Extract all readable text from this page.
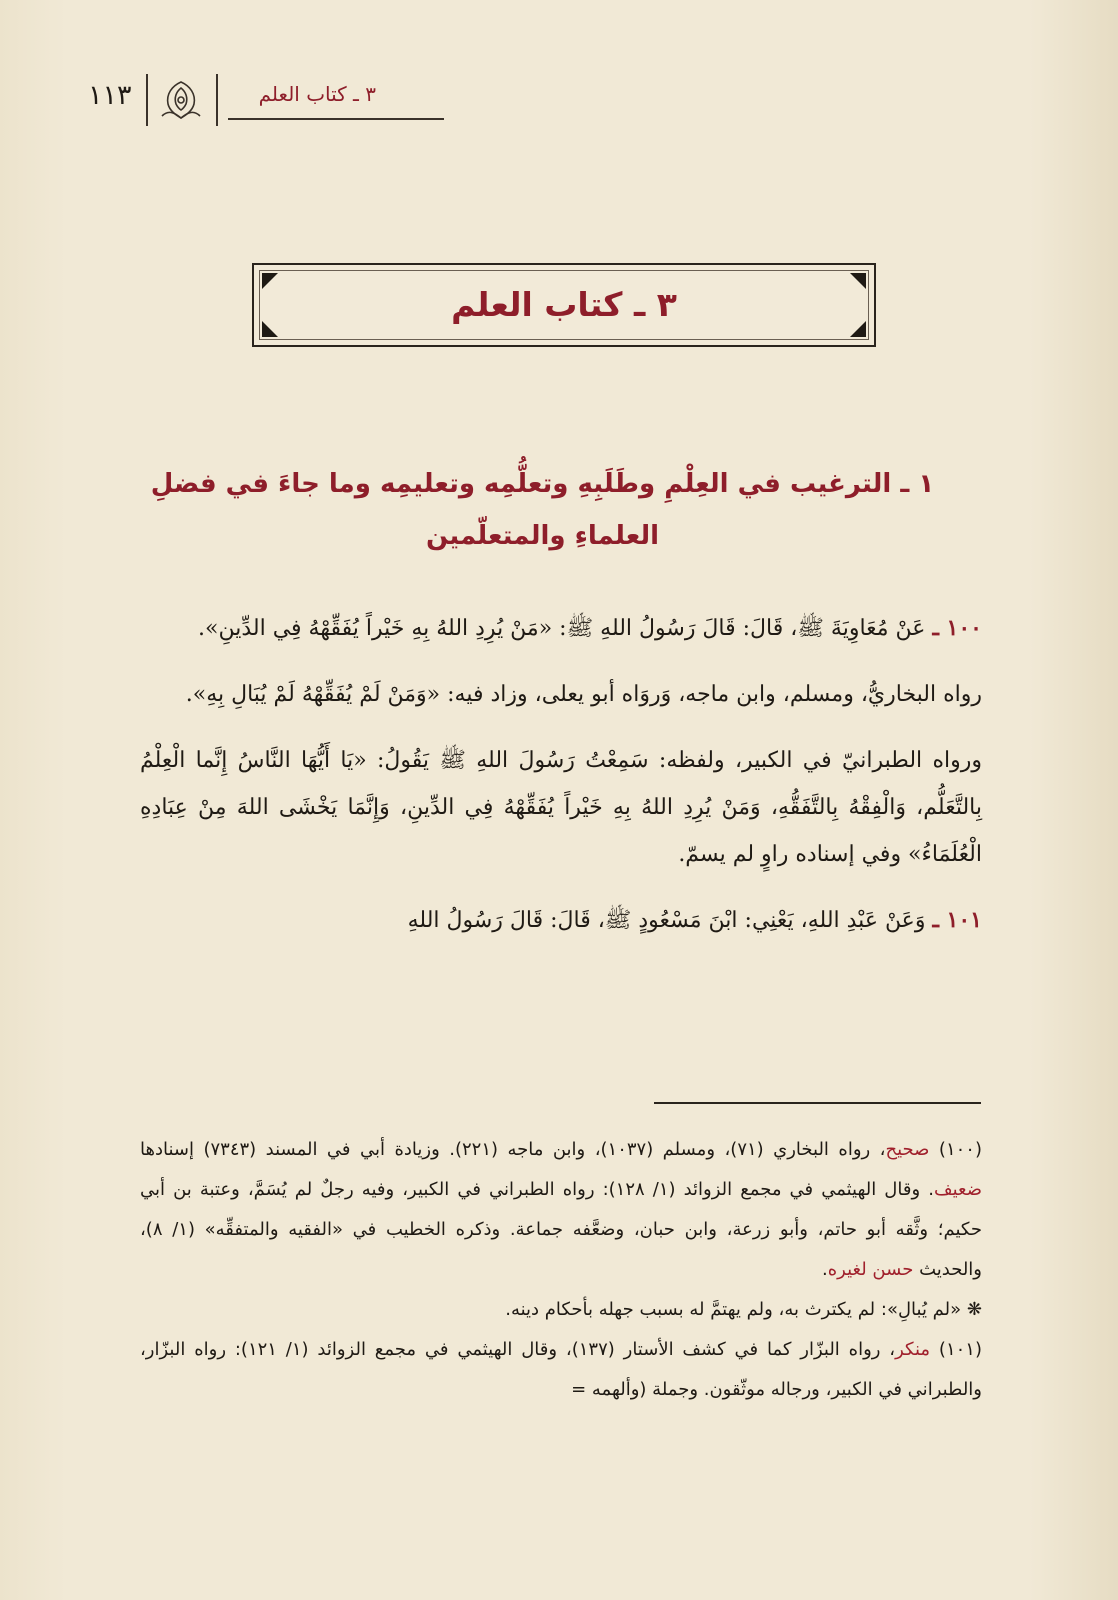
١١٣	٣ ـ كتاب العلم
٣ ـ كتاب العلم
١ ـ الترغيب في العِلْمِ وطَلَبِهِ وتعلُّمِه وتعليمِه وما جاءَ في فضلِ
العلماءِ والمتعلّمين

١٠٠ ـ عَنْ مُعَاوِيَةَ ﷺ، قَالَ: قَالَ رَسُولُ اللهِ ﷺ: «مَنْ يُرِدِ اللهُ بِهِ خَيْراً يُفَقِّهْهُ فِي الدِّينِ».

رواه البخاريُّ، ومسلم، وابن ماجه، وَروَاه أبو يعلى، وزاد فيه: «وَمَنْ لَمْ يُفَقِّهْهُ لَمْ يُبَالِ بِهِ».

ورواه الطبرانيّ في الكبير، ولفظه: سَمِعْتُ رَسُولَ اللهِ ﷺ يَقُولُ: «يَا أَيُّهَا النَّاسُ إِنَّما الْعِلْمُ بِالتَّعَلُّم، وَالْفِقْهُ بِالتَّفَقُّهِ، وَمَنْ يُرِدِ اللهُ بِهِ خَيْراً يُفَقِّهْهُ فِي الدِّينِ، وَإِنَّمَا يَخْشَى اللهَ مِنْ عِبَادِهِ الْعُلَمَاءُ» وفي إسناده راوٍ لم يسمّ.

١٠١ ـ وَعَنْ عَبْدِ اللهِ، يَعْنِي: ابْنَ مَسْعُودٍ ﷺ، قَالَ: قَالَ رَسُولُ اللهِ

(١٠٠) صحيح، رواه البخاري (٧١)، ومسلم (١٠٣٧)، وابن ماجه (٢٢١). وزيادة أبي في المسند (٧٣٤٣) إسنادها ضعيف. وقال الهيثمي في مجمع الزوائد (١/ ١٢٨): رواه الطبراني في الكبير، وفيه رجلٌ لم يُسَمَّ، وعتبة بن أبي حكيم؛ وثَّقه أبو حاتم، وأبو زرعة، وابن حبان، وضعَّفه جماعة. وذكره الخطيب في «الفقيه والمتفقِّه» (١/ ٨)، والحديث حسن لغيره.

❋ «لم يُبالِ»: لم يكترث به، ولم يهتمَّ له بسبب جهله بأحكام دينه.

(١٠١) منكر، رواه البزّار كما في كشف الأستار (١٣٧)، وقال الهيثمي في مجمع الزوائد (١/ ١٢١): رواه البزّار، والطبراني في الكبير، ورجاله موثّقون. وجملة (وألهمه =
